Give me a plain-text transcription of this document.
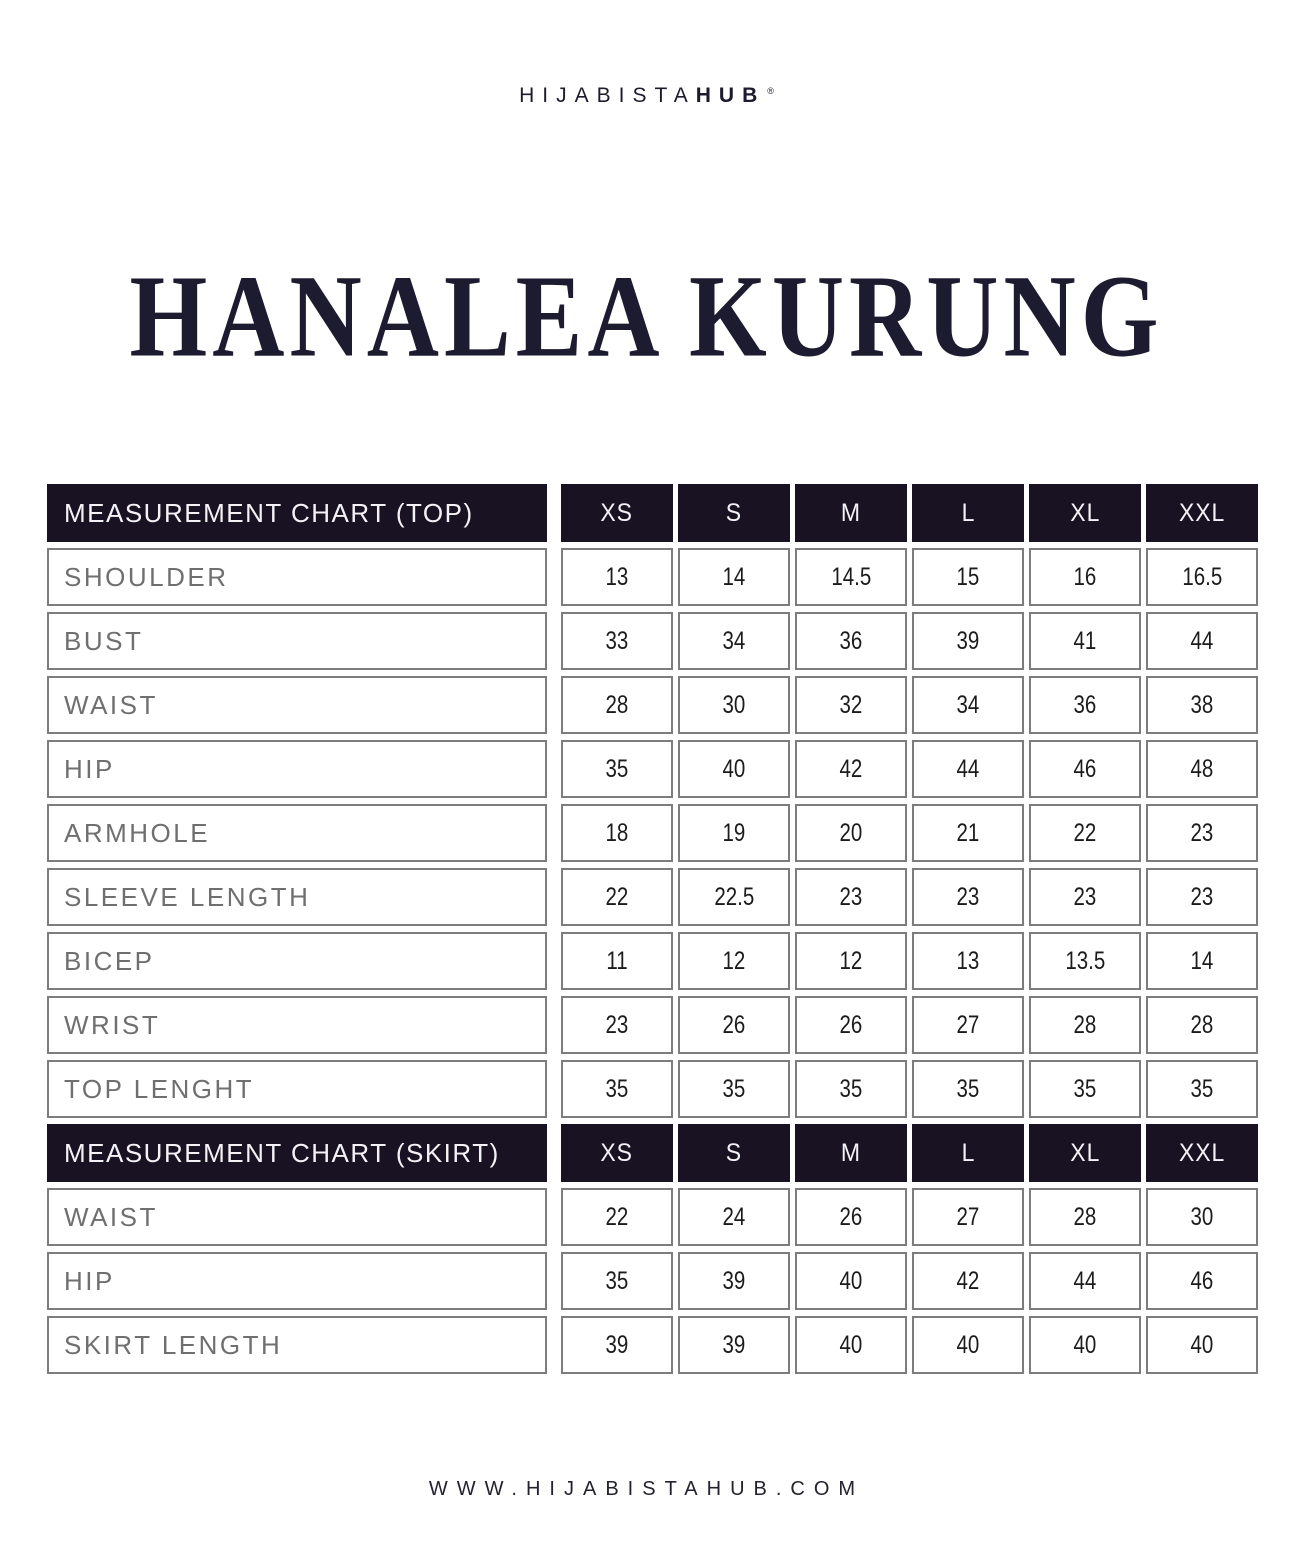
HIJABISTAHUB ®
HANALEA KURUNG
MEASUREMENT CHART (TOP)	XS	S	M	L	XL	XXL
SHOULDER	13	14	14.5	15	16	16.5
BUST	33	34	36	39	41	44
WAIST	28	30	32	34	36	38
HIP	35	40	42	44	46	48
ARMHOLE	18	19	20	21	22	23
SLEEVE LENGTH	22	22.5	23	23	23	23
BICEP	11	12	12	13	13.5	14
WRIST	23	26	26	27	28	28
TOP LENGHT	35	35	35	35	35	35
MEASUREMENT CHART (SKIRT)	XS	S	M	L	XL	XXL
WAIST	22	24	26	27	28	30
HIP	35	39	40	42	44	46
SKIRT LENGTH	39	39	40	40	40	40
WWW.HIJABISTAHUB.COM
